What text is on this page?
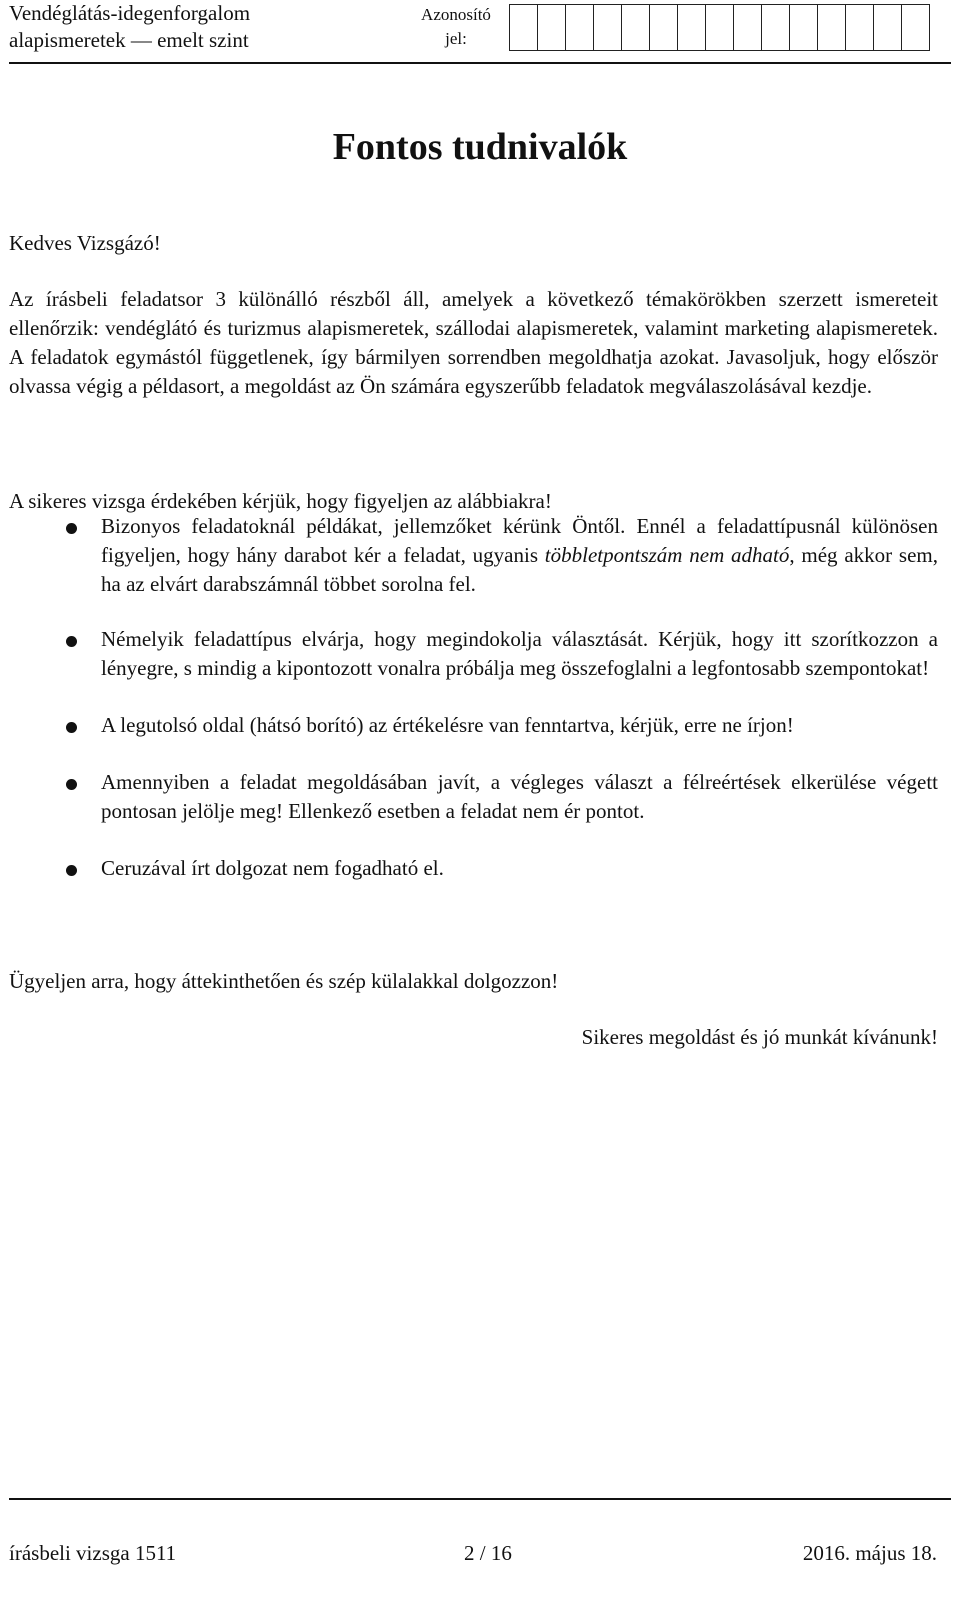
Vendéglátás-idegenforgalom
alapismeretek — emelt szint
Azonosító
jel:
Fontos tudnivalók
Kedves Vizsgázó!
Az írásbeli feladatsor 3 különálló részből áll, amelyek a következő témakörökben szerzett ismereteit ellenőrzik: vendéglátó és turizmus alapismeretek, szállodai alapismeretek, valamint marketing alapismeretek. A feladatok egymástól függetlenek, így bármilyen sorrendben megoldhatja azokat. Javasoljuk, hogy először olvassa végig a példasort, a megoldást az Ön számára egyszerűbb feladatok megválaszolásával kezdje.
A sikeres vizsga érdekében kérjük, hogy figyeljen az alábbiakra!
Bizonyos feladatoknál példákat, jellemzőket kérünk Öntől. Ennél a feladattípusnál különösen figyeljen, hogy hány darabot kér a feladat, ugyanis többletpontszám nem adható, még akkor sem, ha az elvárt darabszámnál többet sorolna fel.
Némelyik feladattípus elvárja, hogy megindokolja választását. Kérjük, hogy itt szorítkozzon a lényegre, s mindig a kipontozott vonalra próbálja meg összefoglalni a legfontosabb szempontokat!
A legutolsó oldal (hátsó borító) az értékelésre van fenntartva, kérjük, erre ne írjon!
Amennyiben a feladat megoldásában javít, a végleges választ a félreértések elkerülése végett pontosan jelölje meg! Ellenkező esetben a feladat nem ér pontot.
Ceruzával írt dolgozat nem fogadható el.
Ügyeljen arra, hogy áttekinthetően és szép külalakkal dolgozzon!
Sikeres megoldást és jó munkát kívánunk!
írásbeli vizsga 1511	2 / 16	2016. május 18.
